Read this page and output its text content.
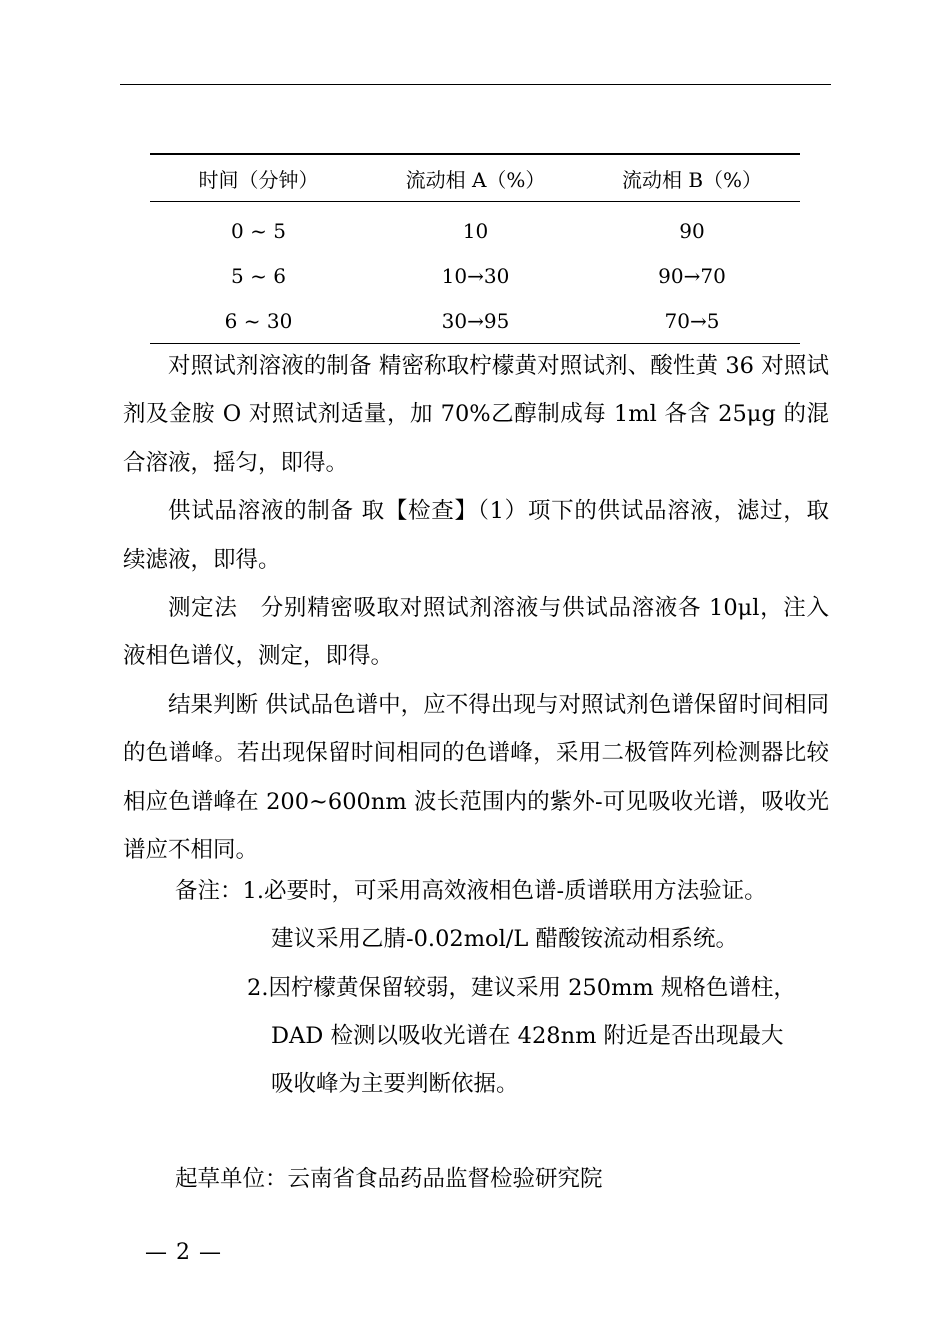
时间（分钟）	流动相 A（%）	流动相 B（%）
0 ~ 5	10	90
5 ~ 6	10→30	90→70
6 ~ 30	30→95	70→5

对照试剂溶液的制备 精密称取柠檬黄对照试剂、酸性黄 36 对照试剂及金胺 O 对照试剂适量，加 70%乙醇制成每 1ml 各含 25μg 的混合溶液，摇匀，即得。

供试品溶液的制备 取【检查】（1）项下的供试品溶液，滤过，取续滤液，即得。

测定法　分别精密吸取对照试剂溶液与供试品溶液各 10μl，注入液相色谱仪，测定，即得。

结果判断 供试品色谱中，应不得出现与对照试剂色谱保留时间相同的色谱峰。若出现保留时间相同的色谱峰，采用二极管阵列检测器比较相应色谱峰在 200~600nm 波长范围内的紫外-可见吸收光谱，吸收光谱应不相同。

备注：1.必要时，可采用高效液相色谱-质谱联用方法验证。
建议采用乙腈-0.02mol/L 醋酸铵流动相系统。
2.因柠檬黄保留较弱，建议采用 250mm 规格色谱柱，
DAD 检测以吸收光谱在 428nm 附近是否出现最大
吸收峰为主要判断依据。
起草单位：云南省食品药品监督检验研究院
— 2 —
